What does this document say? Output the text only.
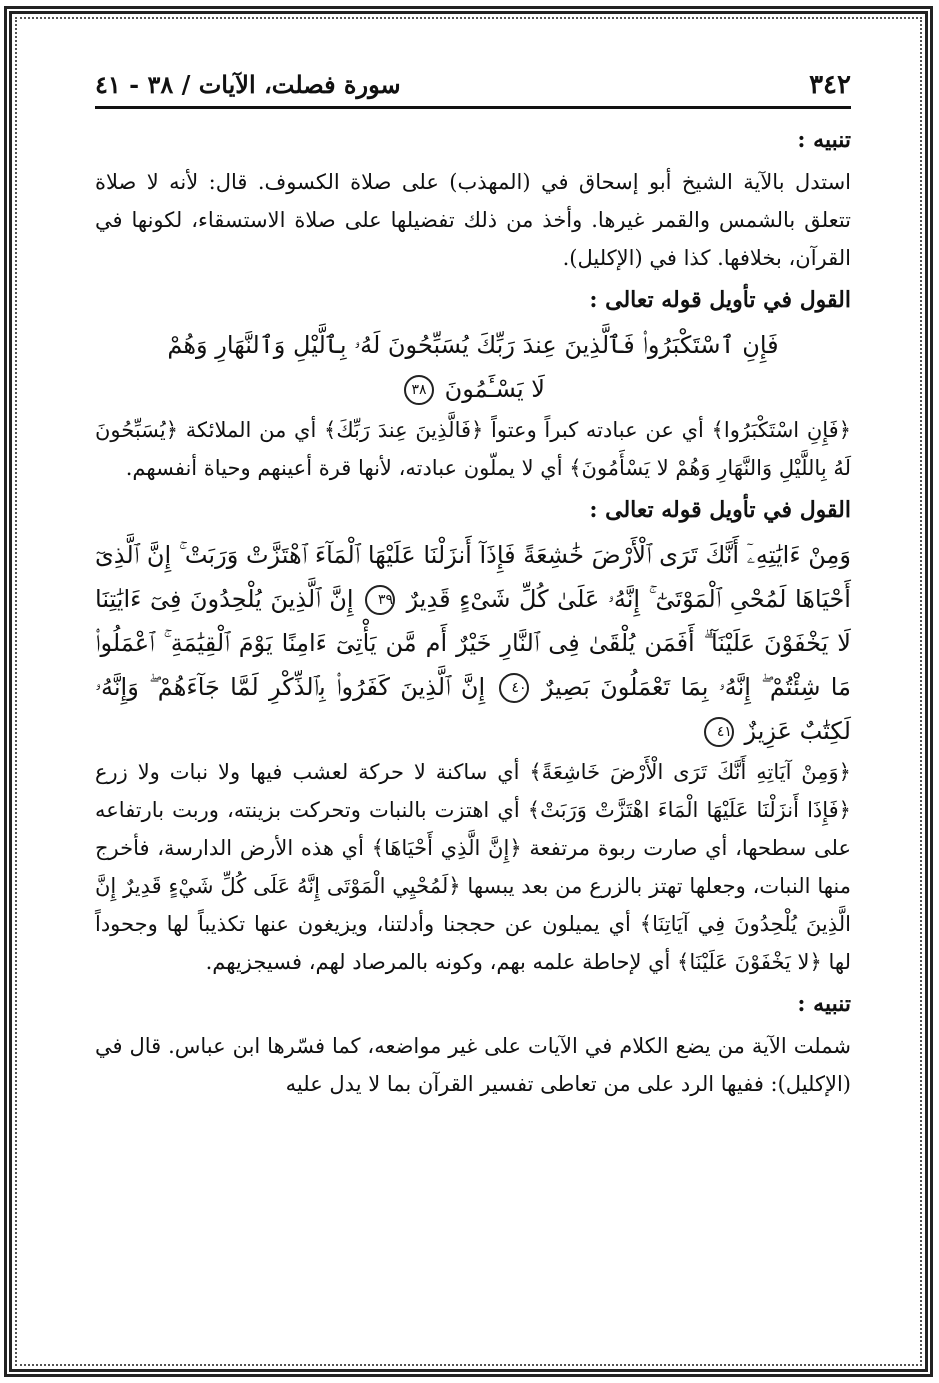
٣٤٢
سورة فصلت، الآيات / ٣٨ - ٤١

تنبيه :

استدل بالآية الشيخ أبو إسحاق في (المهذب) على صلاة الكسوف. قال: لأنه لا صلاة تتعلق بالشمس والقمر غيرها. وأخذ من ذلك تفضيلها على صلاة الاستسقاء، لكونها في القرآن، بخلافها. كذا في (الإكليل).

القول في تأويل قوله تعالى :

فَإِنِ ٱسْتَكْبَرُوا۟ فَٱلَّذِينَ عِندَ رَبِّكَ يُسَبِّحُونَ لَهُۥ بِٱلَّيْلِ وَٱلنَّهَارِ وَهُمْ

لَا يَسْـَٔمُونَ ٣٨

﴿فَإِنِ اسْتَكْبَرُوا﴾ أي عن عبادته كبراً وعتواً ﴿فَالَّذِينَ عِندَ رَبِّكَ﴾ أي من الملائكة ﴿يُسَبِّحُونَ لَهُ بِاللَّيْلِ وَالنَّهَارِ وَهُمْ لا يَسْأَمُونَ﴾ أي لا يملّون عبادته، لأنها قرة أعينهم وحياة أنفسهم.

القول في تأويل قوله تعالى :

وَمِنْ ءَايَٰتِهِۦٓ أَنَّكَ تَرَى ٱلْأَرْضَ خَٰشِعَةً فَإِذَآ أَنزَلْنَا عَلَيْهَا ٱلْمَآءَ ٱهْتَزَّتْ وَرَبَتْ ۚ إِنَّ ٱلَّذِىٓ أَحْيَاهَا لَمُحْىِ ٱلْمَوْتَىٰٓ ۚ إِنَّهُۥ عَلَىٰ كُلِّ شَىْءٍ قَدِيرٌ ٣٩ إِنَّ ٱلَّذِينَ يُلْحِدُونَ فِىٓ ءَايَٰتِنَا لَا يَخْفَوْنَ عَلَيْنَآ ۗ أَفَمَن يُلْقَىٰ فِى ٱلنَّارِ خَيْرٌ أَم مَّن يَأْتِىٓ ءَامِنًا يَوْمَ ٱلْقِيَٰمَةِ ۚ ٱعْمَلُوا۟ مَا شِئْتُمْ ۖ إِنَّهُۥ بِمَا تَعْمَلُونَ بَصِيرٌ ٤٠ إِنَّ ٱلَّذِينَ كَفَرُوا۟ بِٱلذِّكْرِ لَمَّا جَآءَهُمْ ۖ وَإِنَّهُۥ لَكِتَٰبٌ عَزِيزٌ ٤١

﴿وَمِنْ آيَاتِهِ أَنَّكَ تَرَى الْأَرْضَ خَاشِعَةً﴾ أي ساكنة لا حركة لعشب فيها ولا نبات ولا زرع ﴿فَإِذَا أَنزَلْنَا عَلَيْهَا الْمَاءَ اهْتَزَّتْ وَرَبَتْ﴾ أي اهتزت بالنبات وتحركت بزينته، وربت بارتفاعه على سطحها، أي صارت ربوة مرتفعة ﴿إِنَّ الَّذِي أَحْيَاهَا﴾ أي هذه الأرض الدارسة، فأخرج منها النبات، وجعلها تهتز بالزرع من بعد يبسها ﴿لَمُحْيِي الْمَوْتَى إِنَّهُ عَلَى كُلِّ شَيْءٍ قَدِيرٌ إِنَّ الَّذِينَ يُلْحِدُونَ فِي آيَاتِنَا﴾ أي يميلون عن حججنا وأدلتنا، ويزيغون عنها تكذيباً لها وجحوداً لها ﴿لا يَخْفَوْنَ عَلَيْنَا﴾ أي لإحاطة علمه بهم، وكونه بالمرصاد لهم، فسيجزيهم.

تنبيه :

شملت الآية من يضع الكلام في الآيات على غير مواضعه، كما فسّرها ابن عباس. قال في (الإكليل): ففيها الرد على من تعاطى تفسير القرآن بما لا يدل عليه
